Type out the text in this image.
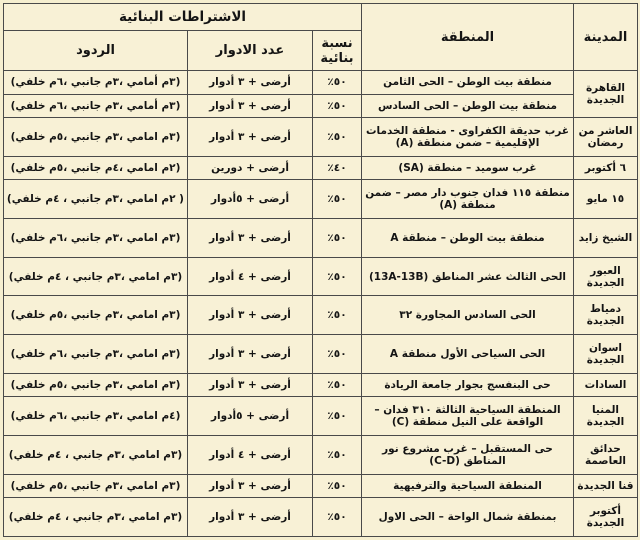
المدينة	المنطقة	الاشتراطات البنائية		
		نسبة بنائية	عدد الادوار	الردود
القاهرة الجديدة	منطقة بيت الوطن – الحى الثامن	٥٠٪	أرضى + ٣ أدوار	(٣م أمامي ،٣م جانبي ،٦م خلفي)
	منطقة بيت الوطن – الحى السادس	٥٠٪	أرضى + ٣ أدوار	(٣م أمامي ،٣م جانبي ،٦م خلفي)
العاشر من رمضان	غرب حديقة الكفراوى - منطقة الخدمات الإقليمية – ضمن منطقة (A)	٥٠٪	أرضى + ٣ أدوار	(٣م امامي ،٣م جانبي ،٥م خلفي)
٦ أكتوبر	غرب سوميد – منطقة (SA)	٤٠٪	أرضى + دورين	(٢م امامي ،٤م جانبي ،٥م خلفي)
١٥ مايو	منطقة ١١٥ فدان جنوب دار مصر – ضمن منطقة (A)	٥٠٪	أرضى + ٥أدوار	( ٢م امامي ،٣م جانبي ، ٤م خلفي)
الشيخ زايد	منطقة بيت الوطن – منطقة A	٥٠٪	أرضى + ٣ أدوار	(٣م امامي ،٣م جانبي ،٦م خلفي)
العبور الجديدة	الحى الثالث عشر المناطق (13A-13B)	٥٠٪	أرضى + ٤ أدوار	(٣م امامي ،٣م جانبي ، ٤م خلفي)
دمياط الجديدة	الحى السادس المجاورة ٣٢	٥٠٪	أرضى + ٣ أدوار	(٣م امامي ،٣م جانبي ،٥م خلفي)
اسوان الجديدة	الحى السياحى الأول منطقة A	٥٠٪	أرضى + ٣ أدوار	(٣م امامي ،٣م جانبي ،٦م خلفي)
السادات	حى البنفسج بجوار جامعة الريادة	٥٠٪	أرضى + ٣ أدوار	(٣م امامي ،٣م جانبي ،٥م خلفي)
المنيا الجديدة	المنطقة السياحية الثالثة ٣١٠ فدان – الواقعة على النيل منطقة (C)	٥٠٪	أرضى + ٥أدوار	(٤م امامي ،٣م جانبي ،٦م خلفي)
حدائق العاصمة	حى المستقبل – غرب مشروع نور المناطق (C-D)	٥٠٪	أرضى + ٤ أدوار	(٣م امامي ،٣م جانبي ، ٤م خلفي)
قنا الجديدة	المنطقة السياحية والترفيهية	٥٠٪	أرضى + ٣ أدوار	(٣م امامي ،٣م جانبي ،٥م خلفي)
أكتوبر الجديدة	بمنطقة شمال الواحة – الحى الاول	٥٠٪	أرضى + ٣ أدوار	(٣م امامي ،٣م جانبي ، ٤م خلفي)
